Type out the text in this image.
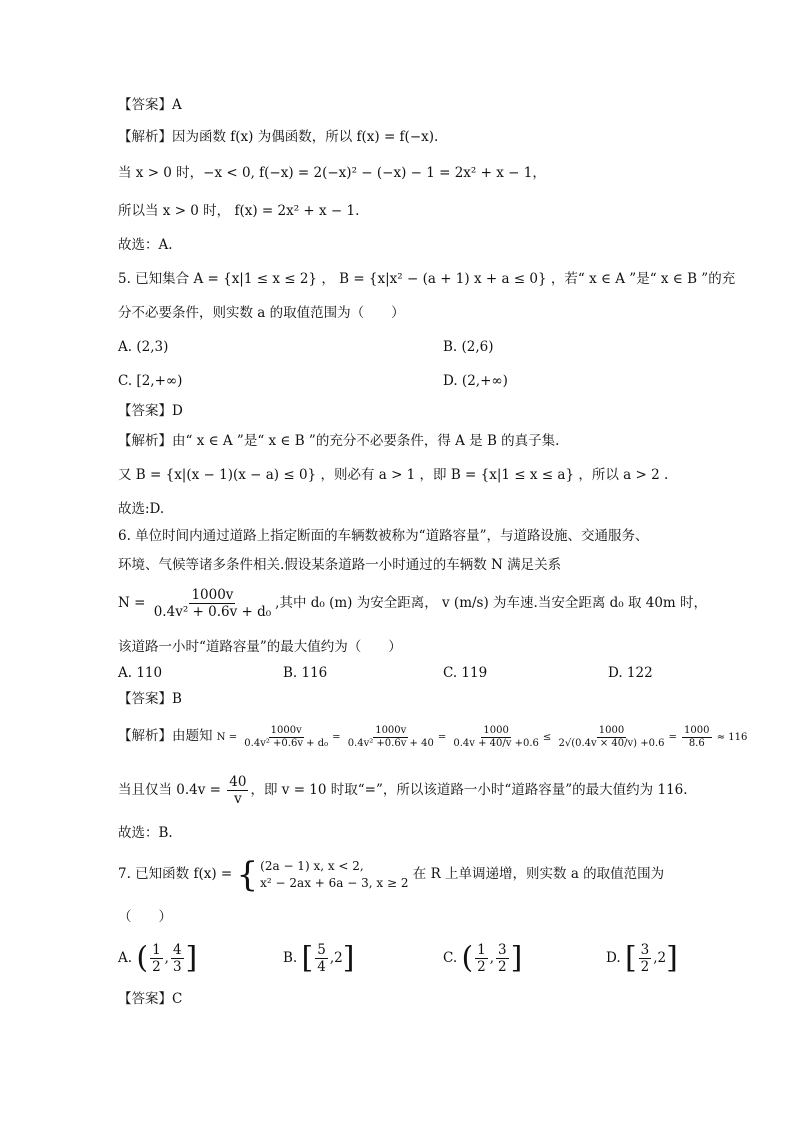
【答案】A
【解析】因为函数 f(x) 为偶函数，所以 f(x) = f(−x).
当 x > 0 时，−x < 0, f(−x) = 2(−x)² − (−x) − 1 = 2x² + x − 1，
所以当 x > 0 时， f(x) = 2x² + x − 1.
故选：A.
5. 已知集合 A = {x|1 ≤ x ≤ 2} ， B = {x|x² − (a + 1) x + a ≤ 0} ，若“ x ∈ A ”是“ x ∈ B ”的充
分不必要条件，则实数 a 的取值范围为（　　）
A. (2,3)	B. (2,6)
C. [2,+∞)	D. (2,+∞)
【答案】D
【解析】由“ x ∈ A ”是“ x ∈ B ”的充分不必要条件，得 A 是 B 的真子集.
又 B = {x|(x − 1)(x − a) ≤ 0} ，则必有 a > 1 ，即 B = {x|1 ≤ x ≤ a} ，所以 a > 2 .
故选:D.
6. 单位时间内通过道路上指定断面的车辆数被称为“道路容量”，与道路设施、交通服务、
环境、气候等诸多条件相关.假设某条道路一小时通过的车辆数 N 满足关系
$N = \frac{1000v}{\text{0.4v² + 0.6v + d₀}}$ ,其中 d₀ (m) 为安全距离， v (m/s) 为车速.当安全距离 d₀ 取 40m 时，
该道路一小时“道路容量”的最大值约为（　　）
A. 110	B. 116	C. 119	D. 122
【答案】B
【解析】由题知 $N = \frac{1000v}{\text{0.4v² +0.6v + d₀}} = \frac{1000v}{\text{0.4v² +0.6v + 40}} = \frac{1000}{0.4v + 40/v +0.6} \le \frac{1000}{2√(0.4v \times 40/v) +0.6} = \frac{1000}{8.6} \approx 116$
当且仅当 $0.4v = \frac{40}{v}$ ，即 v = 10 时取“=”，所以该道路一小时“道路容量”的最大值约为 116.
故选：B.
7. 已知函数 f(x) = { (2a − 1) x, x < 2,
x² − 2ax + 6a − 3, x ≥ 2
在 R 上单调递增，则实数 a 的取值范围为
（　　）
A. ( $\frac{1}{2}$ , $\frac{4}{3}$ ]	B. [ $\frac{5}{4} ,2$]	C. ( $\frac{1}{2}$ , $\frac{3}{2}$ ]	D. [ $\frac{3}{2} ,2$]
【答案】C
